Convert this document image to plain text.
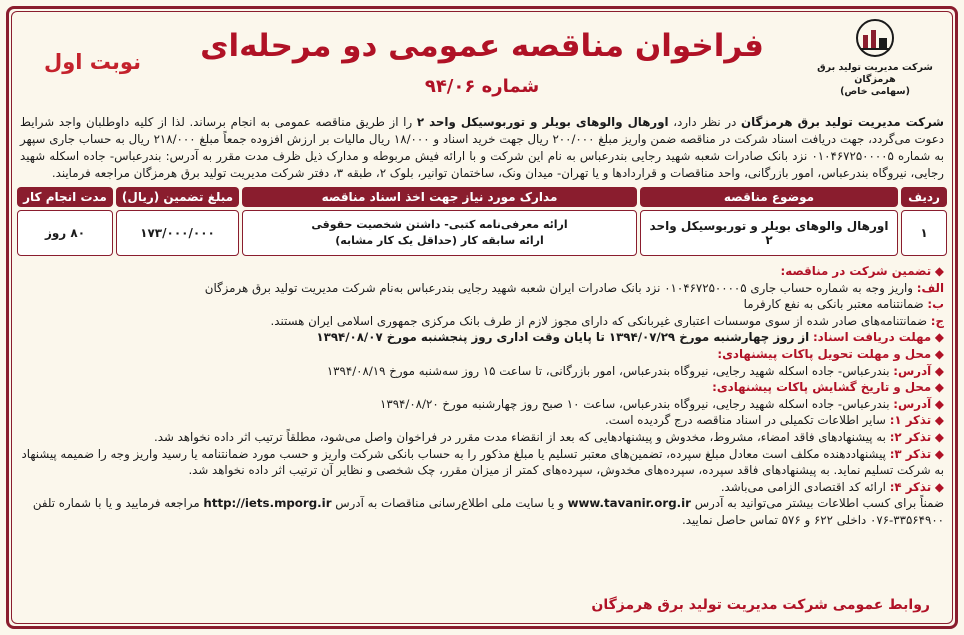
شرکت مدیریت تولید برق هرمزگان
(سهامی خاص)
فراخوان مناقصه عمومی دو مرحله‌ای
شماره ۹۴/۰۶
نوبت اول
شرکت مدیریت تولید برق هرمزگان در نظر دارد، اورهال والوهای بویلر و توربوسیکل واحد ۲ را از طریق مناقصه عمومی به انجام برساند. لذا از کلیه داوطلبان واجد شرایط دعوت می‌گردد، جهت دریافت اسناد شرکت در مناقصه ضمن واریز مبلغ ۲۰۰/۰۰۰ ریال جهت خرید اسناد و ۱۸/۰۰۰ ریال مالیات بر ارزش افزوده جمعاً مبلغ ۲۱۸/۰۰۰ ریال به حساب جاری سپهر به شماره ۰۱۰۴۶۷۲۵۰۰۰۰۵ نزد بانک صادرات شعبه شهید رجایی بندرعباس به نام این شرکت و با ارائه فیش مربوطه و مدارک ذیل ظرف مدت مقرر به آدرس: بندرعباس- جاده اسکله شهید رجایی، نیروگاه بندرعباس، امور بازرگانی، واحد مناقصات و قراردادها و یا تهران- میدان ونک، ساختمان توانیر، بلوک ۲، طبقه ۳، دفتر شرکت مدیریت تولید برق هرمزگان مراجعه فرمایند.
ردیف	موضوع مناقصه	مدارک مورد نیاز جهت اخذ اسناد مناقصه	مبلغ تضمین (ریال)	مدت انجام کار
۱	اورهال والوهای بویلر و توربوسیکل واحد ۲	ارائه معرفی‌نامه کتبی- داشتن شخصیت حقوقی
ارائه سابقه کار (حداقل یک کار مشابه)	۱۷۳/۰۰۰/۰۰۰	۸۰ روز
◆ تضمین شرکت در مناقصه:
الف: واریز وجه به شماره حساب جاری ۰۱۰۴۶۷۲۵۰۰۰۰۵ نزد بانک صادرات ایران شعبه شهید رجایی بندرعباس به‌نام شرکت مدیریت تولید برق هرمزگان
ب: ضمانتنامه معتبر بانکی به نفع کارفرما
ج: ضمانتنامه‌های صادر شده از سوی موسسات اعتباری غیربانکی که دارای مجوز لازم از طرف بانک مرکزی جمهوری اسلامی ایران هستند.
◆ مهلت دریافت اسناد: از روز چهارشنبه مورخ ۱۳۹۴/۰۷/۲۹ تا پایان وقت اداری روز پنجشنبه مورخ ۱۳۹۴/۰۸/۰۷
◆ محل و مهلت تحویل پاکات پیشنهادی:
◆ آدرس: بندرعباس- جاده اسکله شهید رجایی، نیروگاه بندرعباس، امور بازرگانی، تا ساعت ۱۵ روز سه‌شنبه مورخ ۱۳۹۴/۰۸/۱۹
◆ محل و تاریخ گشایش پاکات پیشنهادی:
◆ آدرس: بندرعباس- جاده اسکله شهید رجایی، نیروگاه بندرعباس، ساعت ۱۰ صبح روز چهارشنبه مورخ ۱۳۹۴/۰۸/۲۰
◆ تذکر ۱: سایر اطلاعات تکمیلی در اسناد مناقصه درج گردیده است.
◆ تذکر ۲: به پیشنهادهای فاقد امضاء، مشروط، مخدوش و پیشنهادهایی که بعد از انقضاء مدت مقرر در فراخوان واصل می‌شود، مطلقاً ترتیب اثر داده نخواهد شد.
◆ تذکر ۳: پیشنهاددهنده مکلف است معادل مبلغ سپرده، تضمین‌های معتبر تسلیم یا مبلغ مذکور را به حساب بانکی شرکت واریز و حسب مورد ضمانتنامه یا رسید واریز وجه را ضمیمه پیشنهاد به شرکت تسلیم نماید. به پیشنهادهای فاقد سپرده، سپرده‌های مخدوش، سپرده‌های کمتر از میزان مقرر، چک شخصی و نظایر آن ترتیب اثر داده نخواهد شد.
◆ تذکر ۴: ارائه کد اقتصادی الزامی می‌باشد.
ضمناً برای کسب اطلاعات بیشتر می‌توانید به آدرس www.tavanir.org.ir و یا سایت ملی اطلاع‌رسانی مناقصات به آدرس http://iets.mporg.ir مراجعه فرمایید و یا با شماره تلفن ۳۳۵۶۴۹۰۰-۰۷۶ داخلی ۶۲۲ و ۵۷۶ تماس حاصل نمایید.
روابط عمومی شرکت مدیریت تولید برق هرمزگان
